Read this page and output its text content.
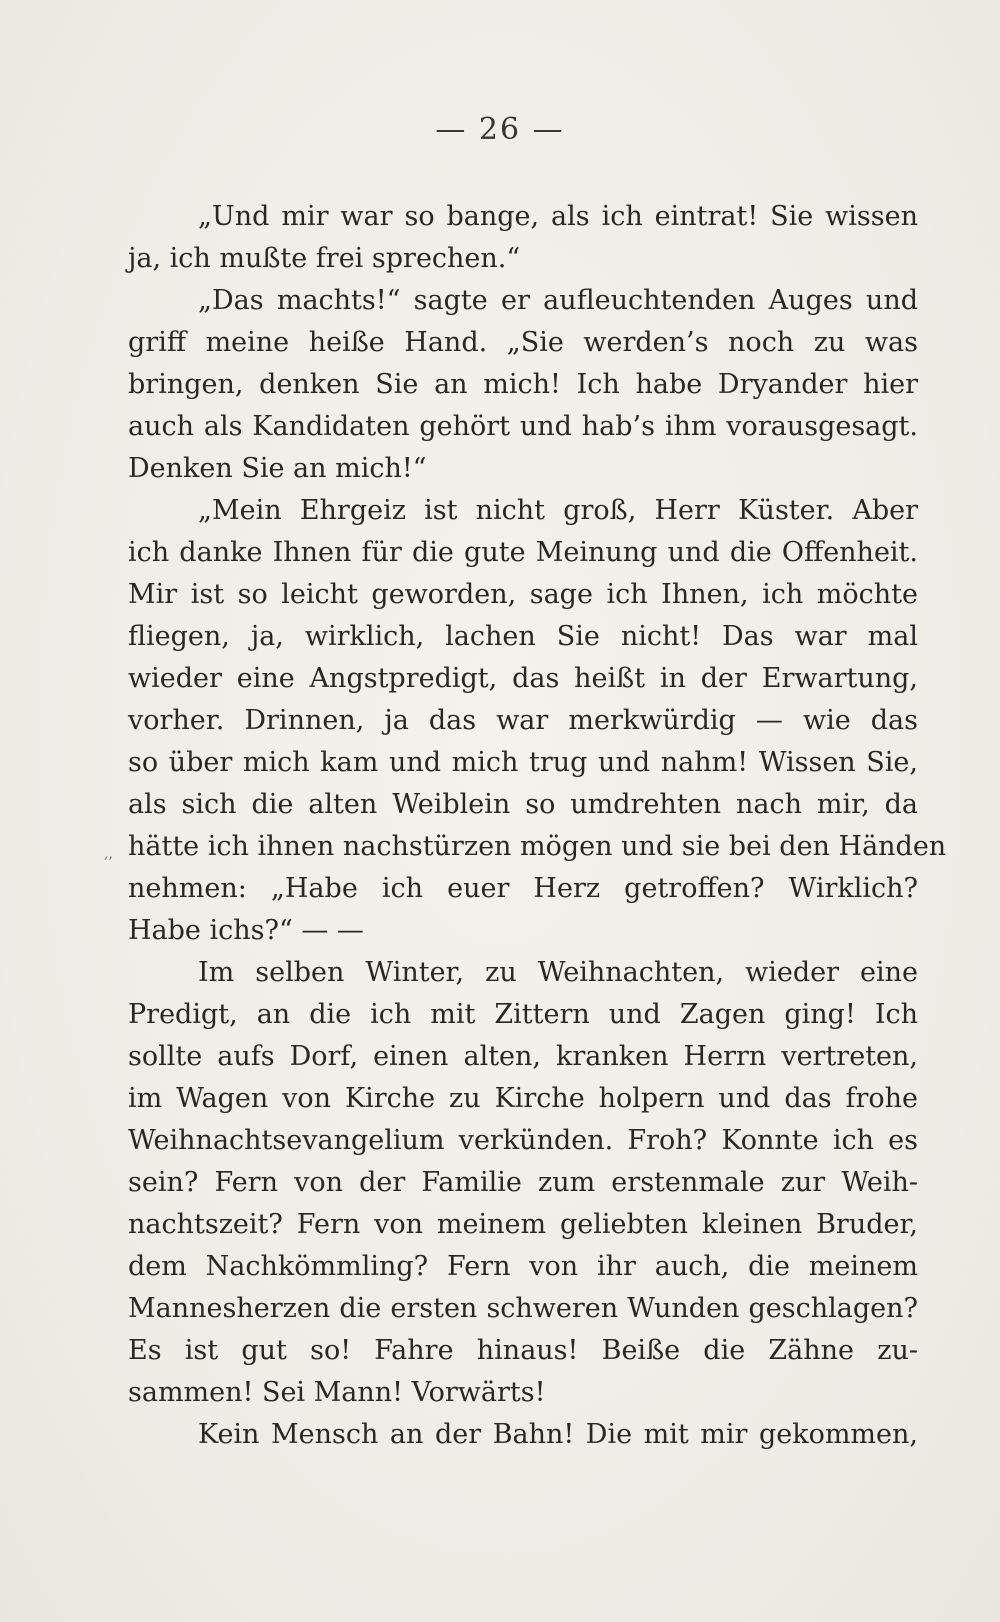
— 26 —
,,
„Und mir war so bange, als ich eintrat! Sie wissen
ja, ich mußte frei sprechen.“
„Das machts!“ sagte er aufleuchtenden Auges und
griff meine heiße Hand. „Sie werden’s noch zu was
bringen, denken Sie an mich! Ich habe Dryander hier
auch als Kandidaten gehört und hab’s ihm vorausgesagt.
Denken Sie an mich!“
„Mein Ehrgeiz ist nicht groß, Herr Küster. Aber
ich danke Ihnen für die gute Meinung und die Offenheit.
Mir ist so leicht geworden, sage ich Ihnen, ich möchte
fliegen, ja, wirklich, lachen Sie nicht! Das war mal
wieder eine Angstpredigt, das heißt in der Erwartung,
vorher. Drinnen, ja das war merkwürdig — wie das
so über mich kam und mich trug und nahm! Wissen Sie,
als sich die alten Weiblein so umdrehten nach mir, da
hätte ich ihnen nachstürzen mögen und sie bei den Händen
nehmen: „Habe ich euer Herz getroffen? Wirklich?
Habe ichs?“ — —
Im selben Winter, zu Weihnachten, wieder eine
Predigt, an die ich mit Zittern und Zagen ging! Ich
sollte aufs Dorf, einen alten, kranken Herrn vertreten,
im Wagen von Kirche zu Kirche holpern und das frohe
Weihnachtsevangelium verkünden. Froh? Konnte ich es
sein? Fern von der Familie zum erstenmale zur Weih-
nachtszeit? Fern von meinem geliebten kleinen Bruder,
dem Nachkömmling? Fern von ihr auch, die meinem
Mannesherzen die ersten schweren Wunden geschlagen?
Es ist gut so! Fahre hinaus! Beiße die Zähne zu-
sammen! Sei Mann! Vorwärts!
Kein Mensch an der Bahn! Die mit mir gekommen,
